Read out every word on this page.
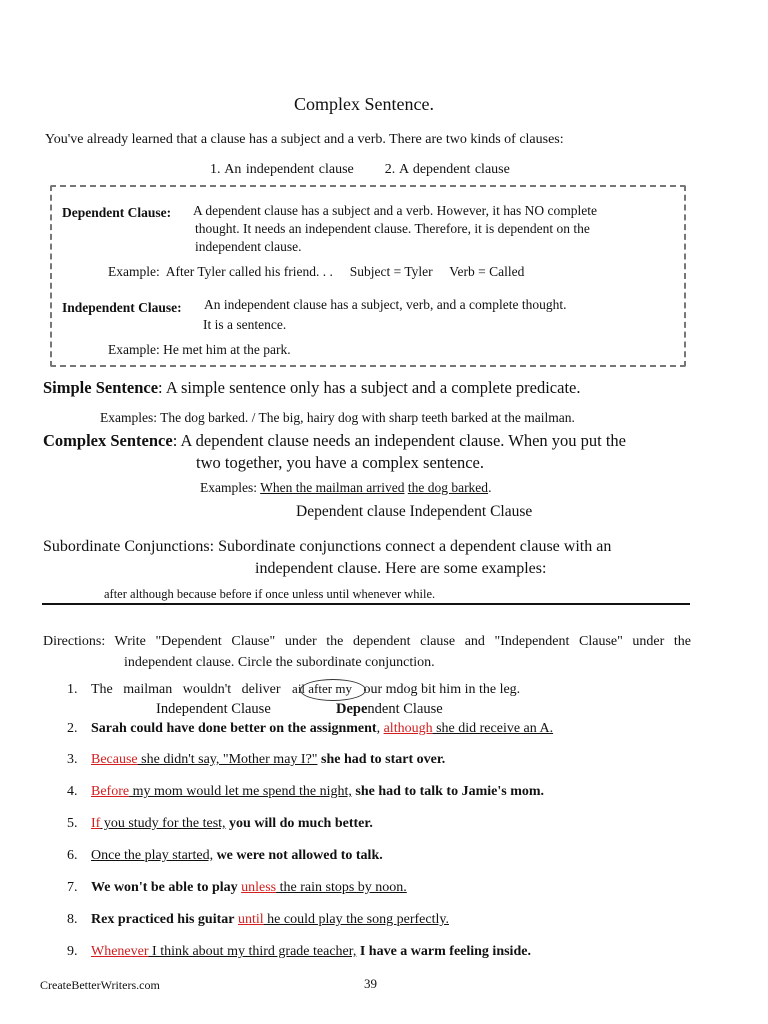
Complex Sentence.
You've already learned that a clause has a subject and a verb. There are two kinds of clauses:
1. An independent clause 2. A dependent clause
Dependent Clause: A dependent clause has a subject and a verb. However, it has NO complete
thought. It needs an independent clause. Therefore, it is dependent on the
independent clause.
Example:  After Tyler called his friend. . .     Subject = Tyler     Verb = Called
Independent Clause: An independent clause has a subject, verb, and a complete thought.
It is a sentence.
Example: He met him at the park.
Simple Sentence: A simple sentence only has a subject and a complete predicate.
Examples: The dog barked. / The big, hairy dog with sharp teeth barked at the mailman.
Complex Sentence: A dependent clause needs an independent clause. When you put the
two together, you have a complex sentence.
Examples: When the mailman arrived the dog barked.
Dependent clause Independent Clause
Subordinate Conjunctions: Subordinate conjunctions connect a dependent clause with an
independent clause. Here are some examples:
after although because before if once unless until whenever while.
Directions: Write "Dependent Clause" under the dependent clause and "Independent Clause" under the
independent clause. Circle the subordinate conjunction.
1. The   mailman   wouldn't   deliver ail after my our mdog bit him in the leg.
Independent Clause	Dependent Clause
2. Sarah could have done better on the assignment, although she did receive an A.
3. Because she didn't say, "Mother may I?" she had to start over.
4. Before my mom would let me spend the night, she had to talk to Jamie's mom.
5. If you study for the test, you will do much better.
6. Once the play started, we were not allowed to talk.
7. We won't be able to play unless the rain stops by noon.
8. Rex practiced his guitar until he could play the song perfectly.
9. Whenever I think about my third grade teacher, I have a warm feeling inside.
CreateBetterWriters.com	39
